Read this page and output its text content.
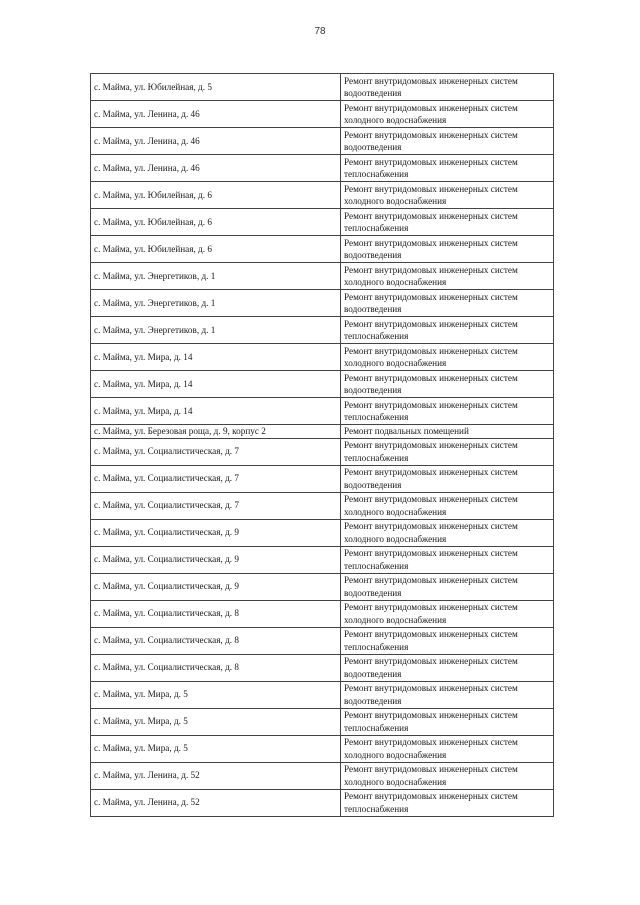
78
с. Майма, ул. Юбилейная, д. 5	Ремонт внутридомовых инженерных систем
водоотведения

с. Майма, ул. Ленина, д. 46	Ремонт внутридомовых инженерных систем
холодного водоснабжения

с. Майма, ул. Ленина, д. 46	Ремонт внутридомовых инженерных систем
водоотведения

с. Майма, ул. Ленина, д. 46	Ремонт внутридомовых инженерных систем
теплоснабжения

с. Майма, ул. Юбилейная, д. 6	Ремонт внутридомовых инженерных систем
холодного водоснабжения

с. Майма, ул. Юбилейная, д. 6	Ремонт внутридомовых инженерных систем
теплоснабжения

с. Майма, ул. Юбилейная, д. 6	Ремонт внутридомовых инженерных систем
водоотведения

с. Майма, ул. Энергетиков, д. 1	Ремонт внутридомовых инженерных систем
холодного водоснабжения

с. Майма, ул. Энергетиков, д. 1	Ремонт внутридомовых инженерных систем
водоотведения

с. Майма, ул. Энергетиков, д. 1	Ремонт внутридомовых инженерных систем
теплоснабжения

с. Майма, ул. Мира, д. 14	Ремонт внутридомовых инженерных систем
холодного водоснабжения

с. Майма, ул. Мира, д. 14	Ремонт внутридомовых инженерных систем
водоотведения

с. Майма, ул. Мира, д. 14	Ремонт внутридомовых инженерных систем
теплоснабжения

с. Майма, ул. Березовая роща, д. 9, корпус 2	Ремонт подвальных помещений

с. Майма, ул. Социалистическая, д. 7	Ремонт внутридомовых инженерных систем
теплоснабжения

с. Майма, ул. Социалистическая, д. 7	Ремонт внутридомовых инженерных систем
водоотведения

с. Майма, ул. Социалистическая, д. 7	Ремонт внутридомовых инженерных систем
холодного водоснабжения

с. Майма, ул. Социалистическая, д. 9	Ремонт внутридомовых инженерных систем
холодного водоснабжения

с. Майма, ул. Социалистическая, д. 9	Ремонт внутридомовых инженерных систем
теплоснабжения

с. Майма, ул. Социалистическая, д. 9	Ремонт внутридомовых инженерных систем
водоотведения

с. Майма, ул. Социалистическая, д. 8	Ремонт внутридомовых инженерных систем
холодного водоснабжения

с. Майма, ул. Социалистическая, д. 8	Ремонт внутридомовых инженерных систем
теплоснабжения

с. Майма, ул. Социалистическая, д. 8	Ремонт внутридомовых инженерных систем
водоотведения

с. Майма, ул. Мира, д. 5	Ремонт внутридомовых инженерных систем
водоотведения

с. Майма, ул. Мира, д. 5	Ремонт внутридомовых инженерных систем
теплоснабжения

с. Майма, ул. Мира, д. 5	Ремонт внутридомовых инженерных систем
холодного водоснабжения

с. Майма, ул. Ленина, д. 52	Ремонт внутридомовых инженерных систем
холодного водоснабжения

с. Майма, ул. Ленина, д. 52	Ремонт внутридомовых инженерных систем
теплоснабжения
